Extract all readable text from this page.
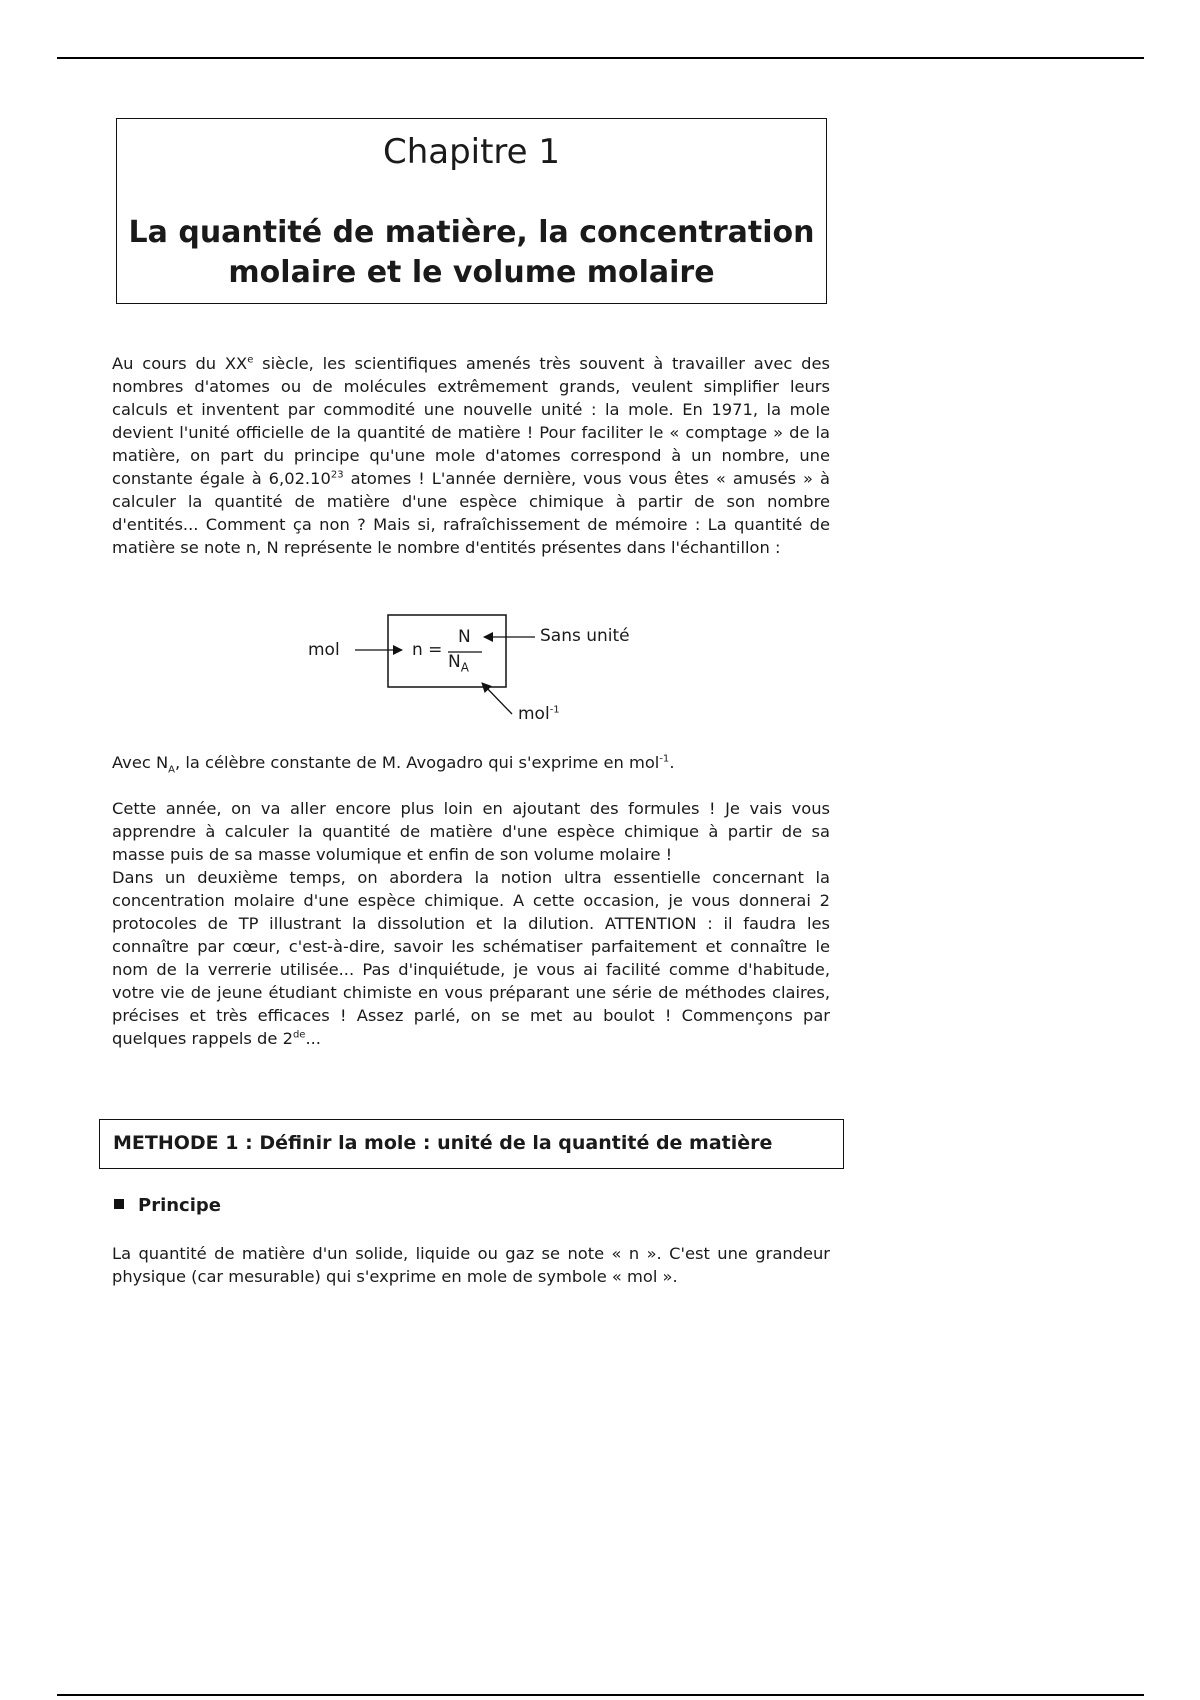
Chapitre 1
La quantité de matière, la concentration molaire et le volume molaire

Au cours du XXe siècle, les scientifiques amenés très souvent à travailler avec des nombres d'atomes ou de molécules extrêmement grands, veulent simplifier leurs calculs et inventent par commodité une nouvelle unité : la mole. En 1971, la mole devient l'unité officielle de la quantité de matière ! Pour faciliter le « comptage » de la matière, on part du principe qu'une mole d'atomes correspond à un nombre, une constante égale à 6,02.10$^{23}$ atomes ! L'année dernière, vous vous êtes « amusés » à calculer la quantité de matière d'une espèce chimique à partir de son nombre d'entités... Comment ça non ? Mais si, rafraîchissement de mémoire : La quantité de matière se note n, N représente le nombre d'entités présentes dans l'échantillon :

mol	n =
N
$N_A$
Sans unité
mol$^{-1}$

Avec $N_A$, la célèbre constante de M. Avogadro qui s'exprime en mol$^{-1}$.

Cette année, on va aller encore plus loin en ajoutant des formules ! Je vais vous apprendre à calculer la quantité de matière d'une espèce chimique à partir de sa masse puis de sa masse volumique et enfin de son volume molaire !
Dans un deuxième temps, on abordera la notion ultra essentielle concernant la concentration molaire d'une espèce chimique. A cette occasion, je vous donnerai 2 protocoles de TP illustrant la dissolution et la dilution. ATTENTION : il faudra les connaître par cœur, c'est-à-dire, savoir les schématiser parfaitement et connaître le nom de la verrerie utilisée... Pas d'inquiétude, je vous ai facilité comme d'habitude, votre vie de jeune étudiant chimiste en vous préparant une série de méthodes claires, précises et très efficaces ! Assez parlé, on se met au boulot ! Commençons par quelques rappels de 2de...
METHODE 1 : Définir la mole : unité de la quantité de matière
Principe

La quantité de matière d'un solide, liquide ou gaz se note « n ». C'est une grandeur physique (car mesurable) qui s'exprime en mole de symbole « mol ».
